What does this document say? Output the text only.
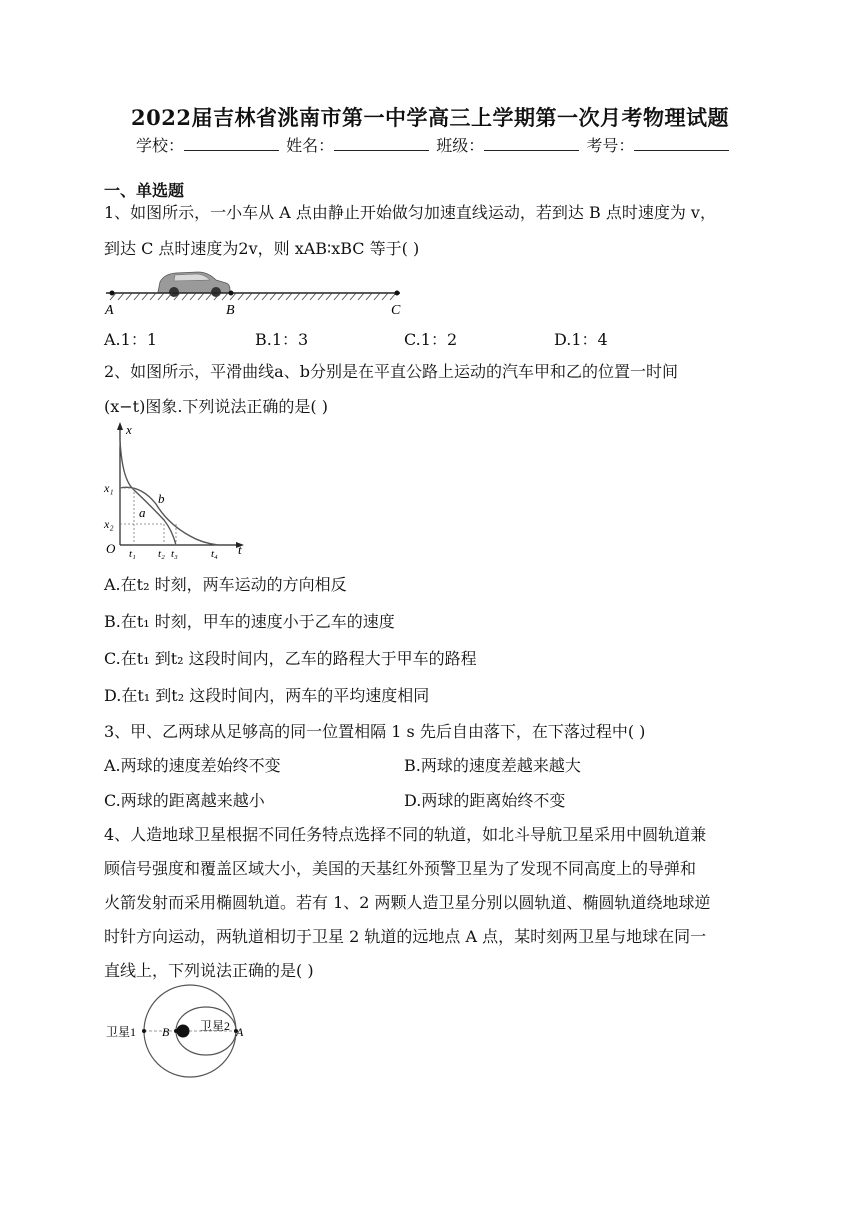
2022届吉林省洮南市第一中学高三上学期第一次月考物理试题
学校：	姓名：	班级：	考号：
一、单选题
1、如图所示，一小车从 A 点由静止开始做匀加速直线运动，若到达 B 点时速度为 v，
到达 C 点时速度为2v，则 xAB∶xBC 等于( )
A	B	C
A.1：1	B.1：3	C.1：2	D.1：4
2、如图所示，平滑曲线a、b分别是在平直公路上运动的汽车甲和乙的位置一时间
(x−t)图象.下列说法正确的是( )
x
t
O
x₁
x₂
a
b
t₁ t₂ t₃	t₄
A.在t₂ 时刻，两车运动的方向相反
B.在t₁ 时刻，甲车的速度小于乙车的速度
C.在t₁ 到t₂ 这段时间内，乙车的路程大于甲车的路程
D.在t₁ 到t₂ 这段时间内，两车的平均速度相同
3、甲、乙两球从足够高的同一位置相隔 1 s 先后自由落下，在下落过程中( )
A.两球的速度差始终不变	B.两球的速度差越来越大
C.两球的距离越来越小	D.两球的距离始终不变
4、人造地球卫星根据不同任务特点选择不同的轨道，如北斗导航卫星采用中圆轨道兼
顾信号强度和覆盖区域大小，美国的天基红外预警卫星为了发现不同高度上的导弹和
火箭发射而采用椭圆轨道。若有 1、2 两颗人造卫星分别以圆轨道、椭圆轨道绕地球逆
时针方向运动，两轨道相切于卫星 2 轨道的远地点 A 点，某时刻两卫星与地球在同一
直线上，下列说法正确的是( )
卫星1	卫星2
B	A
